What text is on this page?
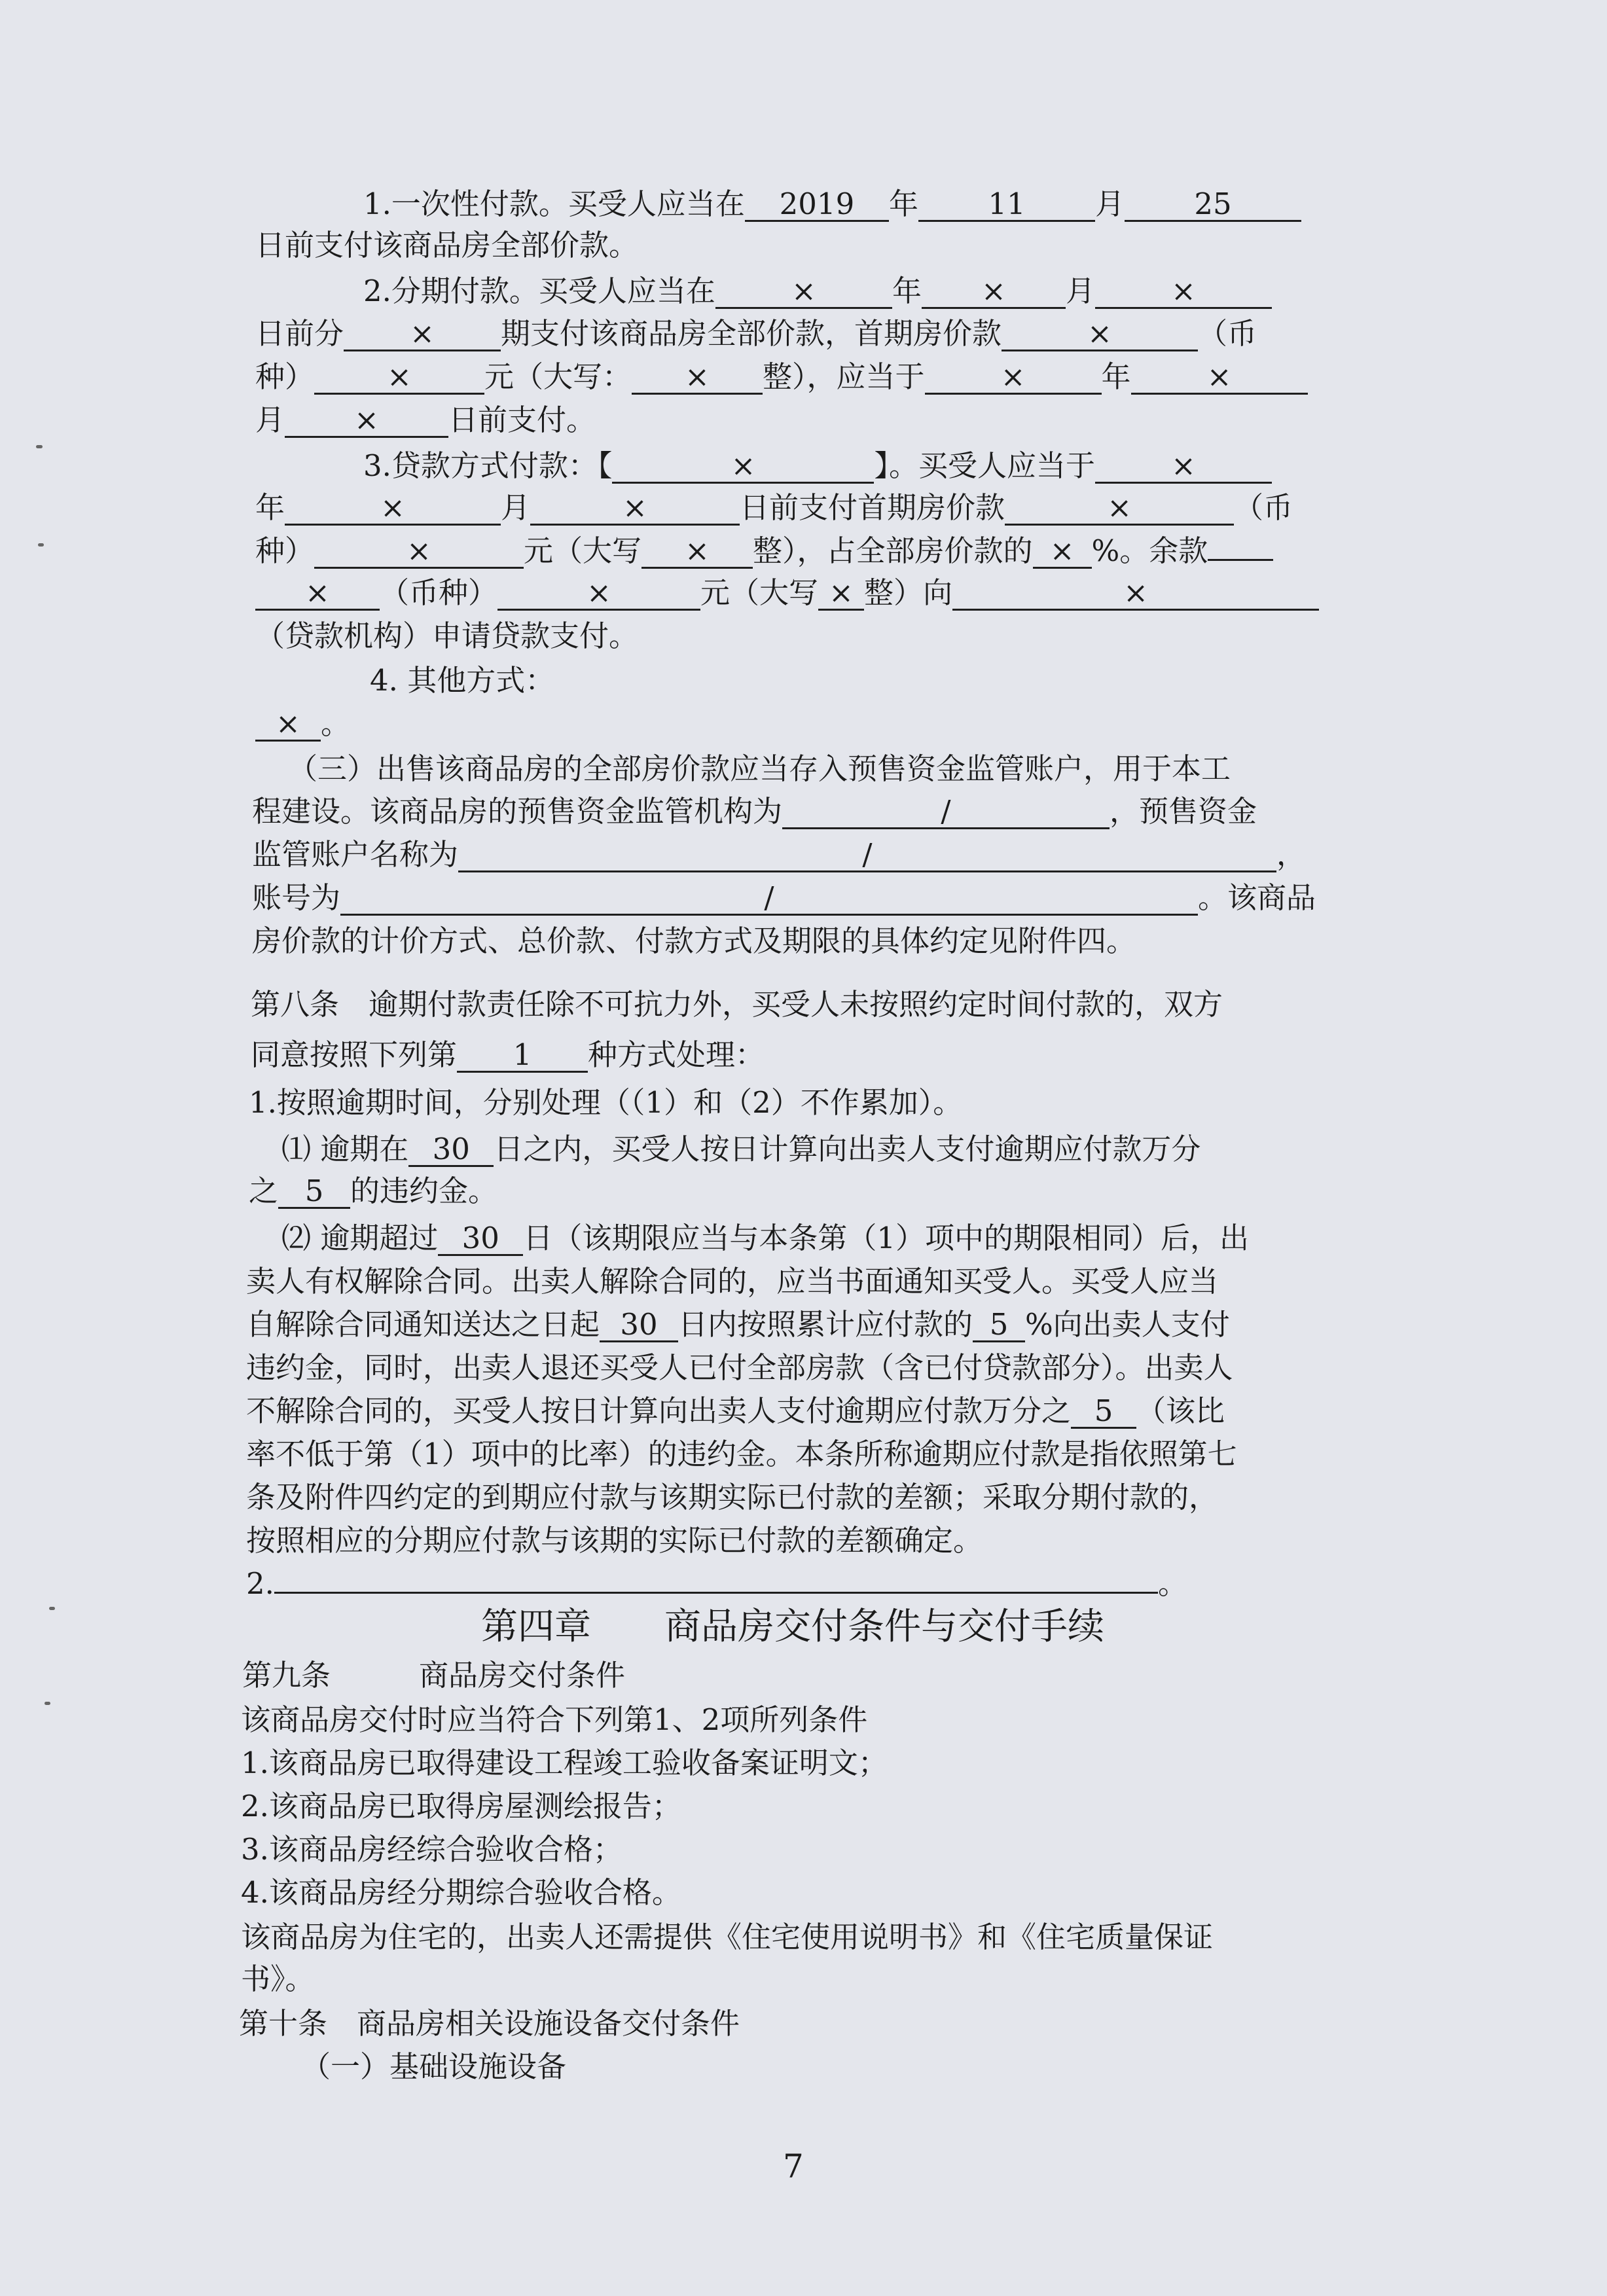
1.一次性付款。买受人应当在 2019 年 11 月 25
日前支付该商品房全部价款。
2.分期付款。买受人应当在	×	年 × 月	×
日前分 × 期支付该商品房全部价款，首期房价款	×	（币
种） × 元（大写： × 整），应当于	×	年	×
月 × 日前支付。
3.贷款方式付款：【	×	】。买受人应当于	×
年	×	月	×	日前支付首期房价款	×	（币
种）	×	元（大写 × 整），占全部房价款的 × %。余款
× （币种）	×	元（大写 × 整）向	×
（贷款机构）申请贷款支付。
4. 其他方式：
× 。
（三）出售该商品房的全部房价款应当存入预售资金监管账户，用于本工
程建设。该商品房的预售资金监管机构为	/	，预售资金
监管账户名称为	/	，
账号为	/	。该商品
房价款的计价方式、总价款、付款方式及期限的具体约定见附件四。
第八条　逾期付款责任除不可抗力外，买受人未按照约定时间付款的，双方
同意按照下列第 1 种方式处理：
1.按照逾期时间，分别处理（（1）和（2）不作累加）。
⑴ 逾期在 30 日之内，买受人按日计算向出卖人支付逾期应付款万分
之 5 的违约金。
⑵ 逾期超过 30 日（该期限应当与本条第（1）项中的期限相同）后，出
卖人有权解除合同。出卖人解除合同的，应当书面通知买受人。买受人应当
自解除合同通知送达之日起 30 日内按照累计应付款的 5 %向出卖人支付
违约金，同时，出卖人退还买受人已付全部房款（含已付贷款部分）。出卖人
不解除合同的，买受人按日计算向出卖人支付逾期应付款万分之 5 （该比
率不低于第（1）项中的比率）的违约金。本条所称逾期应付款是指依照第七
条及附件四约定的到期应付款与该期实际已付款的差额；采取分期付款的，
按照相应的分期应付款与该期的实际已付款的差额确定。
2.	。
第四章　　商品房交付条件与交付手续
第九条　　　商品房交付条件
该商品房交付时应当符合下列第1、2项所列条件
1.该商品房已取得建设工程竣工验收备案证明文；
2.该商品房已取得房屋测绘报告；
3.该商品房经综合验收合格；
4.该商品房经分期综合验收合格。
该商品房为住宅的，出卖人还需提供《住宅使用说明书》和《住宅质量保证
书》。
第十条　商品房相关设施设备交付条件
（一）基础设施设备
7
